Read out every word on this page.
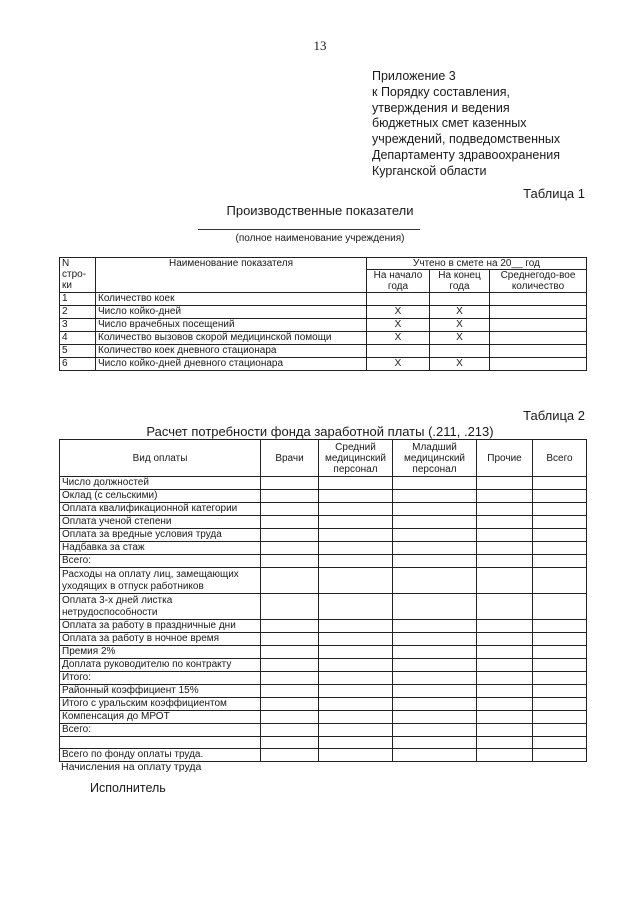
13
Приложение 3
к Порядку составления,
утверждения и ведения
бюджетных смет казенных
учреждений, подведомственных
Департаменту здравоохранения
Курганской области
Таблица 1
Производственные показатели
(полное наименование учреждения)
N стро-ки	Наименование показателя	Учтено в смете на 20__ год		
		На начало года	На конец года	Среднегодо-вое количество
1	Количество коек			
2	Число койко-дней	X	X	
3	Число врачебных посещений	X	X	
4	Количество вызовов скорой медицинской помощи	X	X	
5	Количество коек дневного стационара			
6	Число койко-дней дневного стационара	X	X	
Таблица 2
Расчет потребности фонда заработной платы (.211, .213)
Вид оплаты	Врачи	Средний медицинский персонал	Младший медицинский персонал	Прочие	Всего
Число должностей					
Оклад (с сельскими)					
Оплата квалификационной категории					
Оплата ученой степени					
Оплата за вредные условия труда					
Надбавка за стаж					
Всего:					
Расходы на оплату лиц, замещающих уходящих в отпуск работников					
Оплата 3-х дней листка нетрудоспособности					
Оплата за работу в праздничные дни					
Оплата за работу в ночное время					
Премия 2%					
Доплата руководителю по контракту					
Итого:					
Районный коэффициент 15%					
Итого с уральским коэффициентом					
Компенсация до МРОТ					
Всего:					

Всего по фонду оплаты труда.					
Начисления на оплату труда
Исполнитель
